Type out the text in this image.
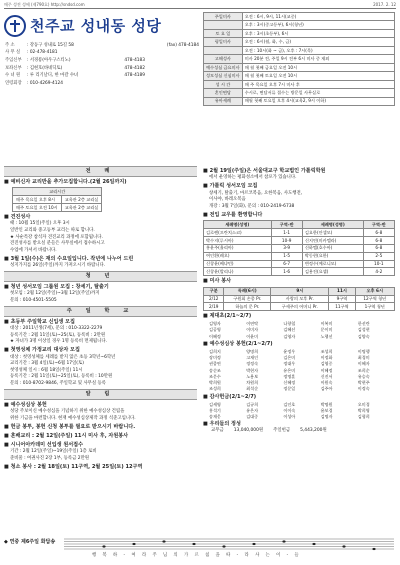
매주 성전 성에 (제790호) http://sndsd.com	2017. 2. 12
천주교 성내동 성당
주 소	: 강동구 성내로 15길 58		(fax) 478-4184
사 무 실	: 02-478-4181		
주임신부	: 서경룡(아우구스티노)	478-4183	
보좌신부	: 김현호(바네딕토)	478-4182	
수 녀 원	: 루 리기날디, 한 마갈 수녀	478-4189	
연령회장	: 010-4269-4124		
주일미사	오전 : 6시, 9시, 11시(교중)
	오후 : 3시(중고등부), 6시(청년)
토 요 일	오후 : 3시(초등부), 6시
평일미사	오전 : 6시(월, 화, 수, 금)
	오전 : 10시(화 ~ 금), 오후 : 7시(목)
고해성사	미사 20분 전, 주일 9시 전부 6시 미사 중 제외
예수성심 금요미사	매 월 첫째 금요일 오전 10시
성모성심 신심미사	매 월 첫째 토요일 오전 10시
성 시 간	매 주 목요일 오후 7시 미사 후
혼인면담	수시로, 면담서류 접수는 방문일 사무실로
유아세례	매월 첫째 토요일 오후 4시(교육2, 9시 이하)
전 례
■ 예비신자 교리반을 추가모집합니다.(2월 26일까지)
교리시간	
매주 목요일 오후 8시	교육관 2층 교리실
매주 토요일 오전 10시	교육관 2층 교리실
■ 견진성사
때 : 10월 15일(주일) 오후 3시
일반인 교리와 중고등부 교리는 따로 합니다.
★ 사순특강 참석자 견진교리 과정에 포함됩니다.
견진성사를 받으실 분들은 사무실에서 접수하시고
수업에 가셔서 바랍니다.
■ 3월 1일(수)은 재의 수요일입니다. 작년에 나누어 드린
성지가지를 26일(주일)까지 가져오시기 바랍니다.
청 년
■ 청년 성서모임 그룹원 모집 : 창세기, 탈출기
첫모임 : 2월 12일(주일)~3월 12일(주일)까지
문의 : 010-4501-5505
주 일 학 교
■ 초등부 주일학교 신입생 모집
대상 : 2011년생(7세), 문의 : 010-3322-2279
등록기간 : 2월 11일(토)~25(토), 등록비 : 2만원
★ 자녀가 3명 이상일 경우 1명 등록비 면제됩니다.
■ 첫영성체 가정교리 대상자 모집
대상 : 첫영성체를 세례를 받지 않은 초등 3학년~6학년
교리기간 : 3월 4일(토)~6월 17일(토)
첫영성체 일시 : 6월 18일(주일) 11시
등록기간 : 2월 11일(토)~25일(토), 등록비 : 10만원
문의 : 010-8702-9846, 주일학교 및 사무실 등록
알 림
■ 예수성심상 봉헌
성당 주보이신 예수성심을 기념하기 위한 예수성심상 건립을
위한 기금을 마련합니다. 현재 예수성심상제작 과정 석준고입니다.
■ 헌금 봉투, 봉헌 신청 봉투를 필요로 받으시기 바랍니다.
■ 혼배교리 : 2월 12일(주일) 11시 미사 후, 자원봉사
■ 시니어아카데미 선입생 원서접수
기간 : 2월 12일(주일)~19일(주일) 1층 로비
준비물 : 여권사진 2장 1부, 등록금 2만원
■ 청소 봉사 : 2월 18일(토) 11구역, 2월 25일(토) 12구역
■ 2월 19일(주일)은 서울대교구 학교법인 가톨릭학원
에서 운영하는 평화성소에서 참포가 있습니다.
■ 가톨릭 성서모임 모집
창세기, 탈출기, 마르코복음, 요한복음, 사도행전,
이사야, 바레오복음
개강 : 3월 7일(화), 문의 : 010-2419-6738
■ 전입 교우를 환영합니다
세례명(성명)	구역-반	세례명(성명)	구역-반
김로렌(프란치스코)	1-1	김요한(안셀모)	6-8
박수지(루시아)	10-9	신지연(미카엘라)	6-8
홍윤주(율리아)	3-9	신하엘(호수아)	6-8
여인환(레오)	1-5	박동현(요한)	2-5
신창윤(베냐민)	6-7	변정수(예로니모)	10-1
신창윤(발리나)	1-6	김용진(요셉)	4-2
■ 미사 봉사
구분	독례(6시)	9시	11시	오후 6시
2/12	구원회 손종 Pr.	사랑의 모후 Pr.	9구역	12구역 청년
2/19	하늘의 문 Pr.	구세주의 어머니 Pr.	11구역	1구역 청년
■ 제대초(2/1~2/7)
김영자	이연탁	나향철	이복미	한선란
김공영	이미자	김혜선	문이미	김성현
이혜정	이윤미	김영자	노행선	김양숙
■ 예수성심상 봉헌(2/1~2/7)
김희지	양명희	윤정우	조성희	이명행
장미정	고재인	김은미	이정화	최경미
권종연	정정숙	정대우	김영중	이혜자
송순조	박현자	유은미	이혜정	조희순
조문수	노용보	정명훈	신진서	유승숙
박희원	차원희	신혜정	이원숙	박현주
조성희	최석순	정문일	김주아	이정숙
■ 감사헌금(2/1~2/7)
김세영	김규희	김인호	박명원	오미경
홍석기	유은자	이이숙	윤보경	박희영
송재웅	김대중	이성아	김명자	김형희
■ 우리들의 정성
교무금 13,040,000원 주일헌금 5,443,200원
◆ 연중 제6주일 화답송
행 복 하 - 여 라 주 님 의 가 르 침 을 따 - 라 사 는 이 - 들
